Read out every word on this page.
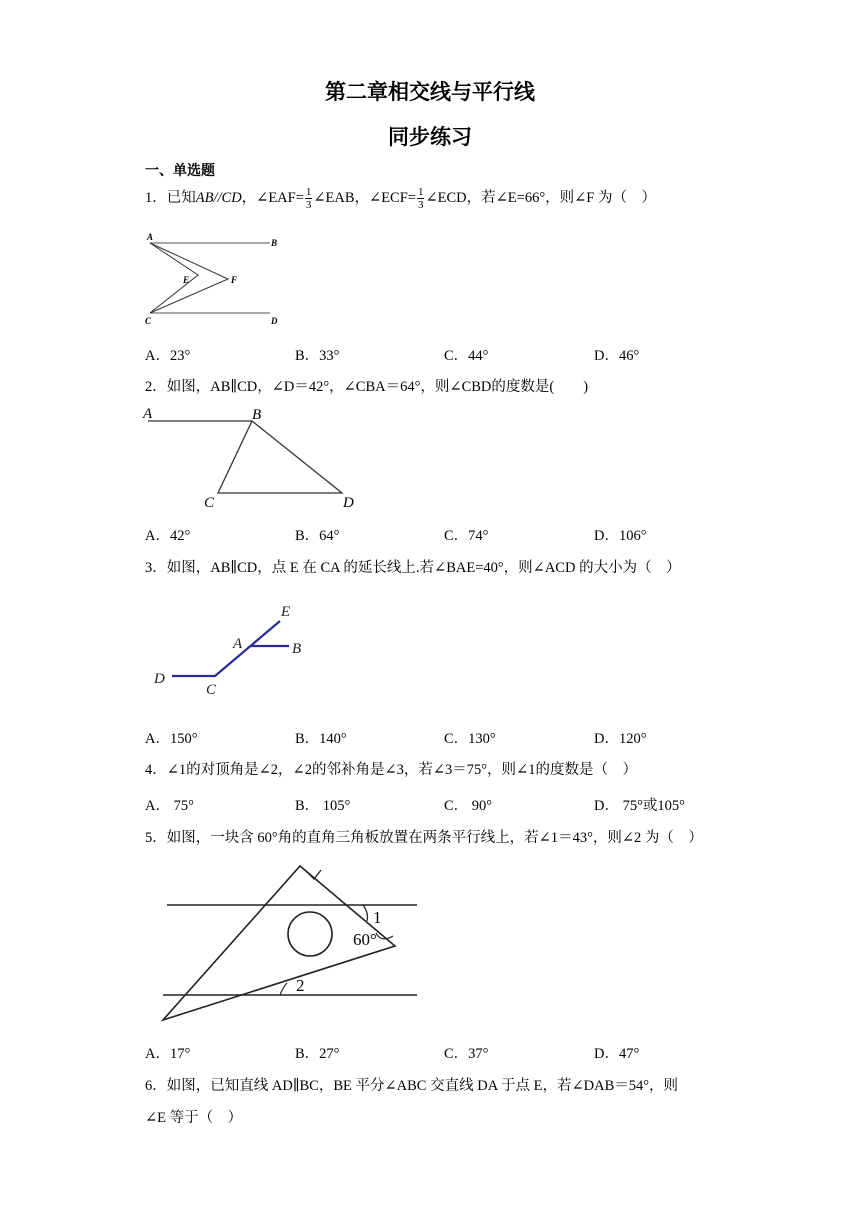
第二章相交线与平行线
同步练习
一、单选题
1．已知AB//CD，∠EAF= $\frac{1}{3}$ ∠EAB，∠ECF= $\frac{1}{3}$ ∠ECD，若∠E=66°，则∠F 为（　）
A
B
E	F
C	D
A．23°	B．33°	C．44°	D．46°
2．如图，AB∥CD，∠D＝42°，∠CBA＝64°，则∠CBD的度数是(　　)
A	B
C	D
A．42°	B．64°	C．74°	D．106°
3．如图，AB∥CD，点 E 在 CA 的延长线上.若∠BAE=40°，则∠ACD 的大小为（　）
E
A	B
D
C
A．150°	B．140°	C．130°	D．120°
4．∠1的对顶角是∠2，∠2的邻补角是∠3，若∠3＝75°，则∠1的度数是（　）
A． 75°	B． 105°	C． 90°	D． 75°或105°
5．如图，一块含 60°角的直角三角板放置在两条平行线上，若∠1＝43°，则∠2 为（　）
1
60°
2
A．17°	B．27°	C．37°	D．47°
6．如图，已知直线 AD∥BC，BE 平分∠ABC 交直线 DA 于点 E，若∠DAB＝54°，则
∠E 等于（　）
